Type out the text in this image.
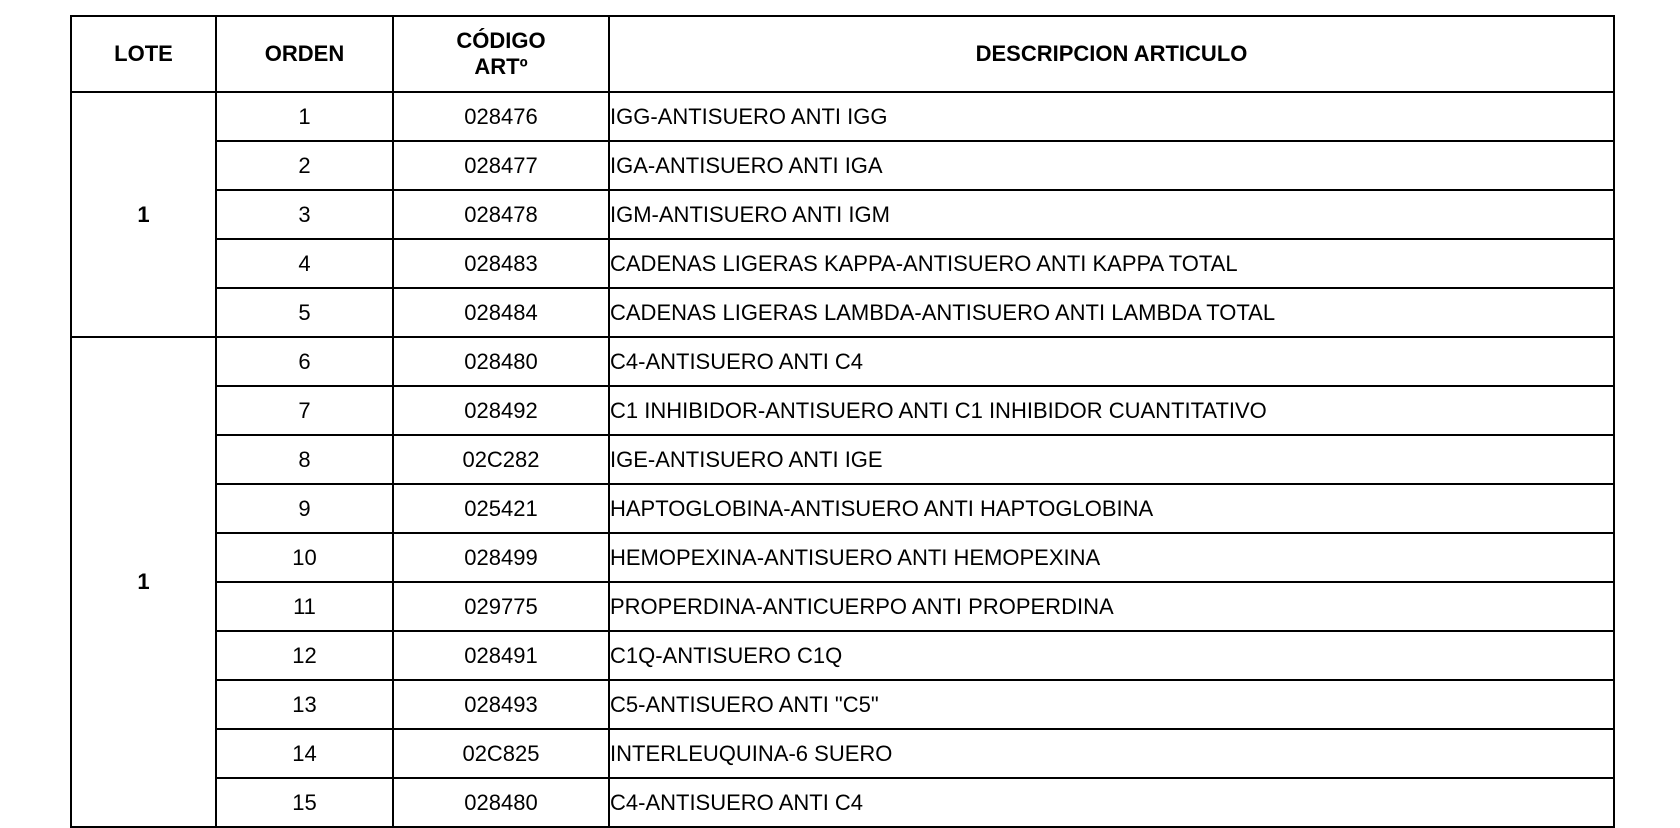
LOTE	ORDEN	CÓDIGO
ARTº	DESCRIPCION ARTICULO
1	1	028476	IGG-ANTISUERO ANTI IGG
	2	028477	IGA-ANTISUERO ANTI IGA
	3	028478	IGM-ANTISUERO ANTI IGM
	4	028483	CADENAS LIGERAS KAPPA-ANTISUERO ANTI KAPPA TOTAL
	5	028484	CADENAS LIGERAS LAMBDA-ANTISUERO ANTI LAMBDA TOTAL
1	6	028480	C4-ANTISUERO ANTI C4
	7	028492	C1 INHIBIDOR-ANTISUERO ANTI C1 INHIBIDOR CUANTITATIVO
	8	02C282	IGE-ANTISUERO ANTI IGE
	9	025421	HAPTOGLOBINA-ANTISUERO ANTI HAPTOGLOBINA
	10	028499	HEMOPEXINA-ANTISUERO ANTI HEMOPEXINA
	11	029775	PROPERDINA-ANTICUERPO ANTI PROPERDINA
	12	028491	C1Q-ANTISUERO C1Q
	13	028493	C5-ANTISUERO ANTI "C5"
	14	02C825	INTERLEUQUINA-6 SUERO
	15	028480	C4-ANTISUERO ANTI C4
